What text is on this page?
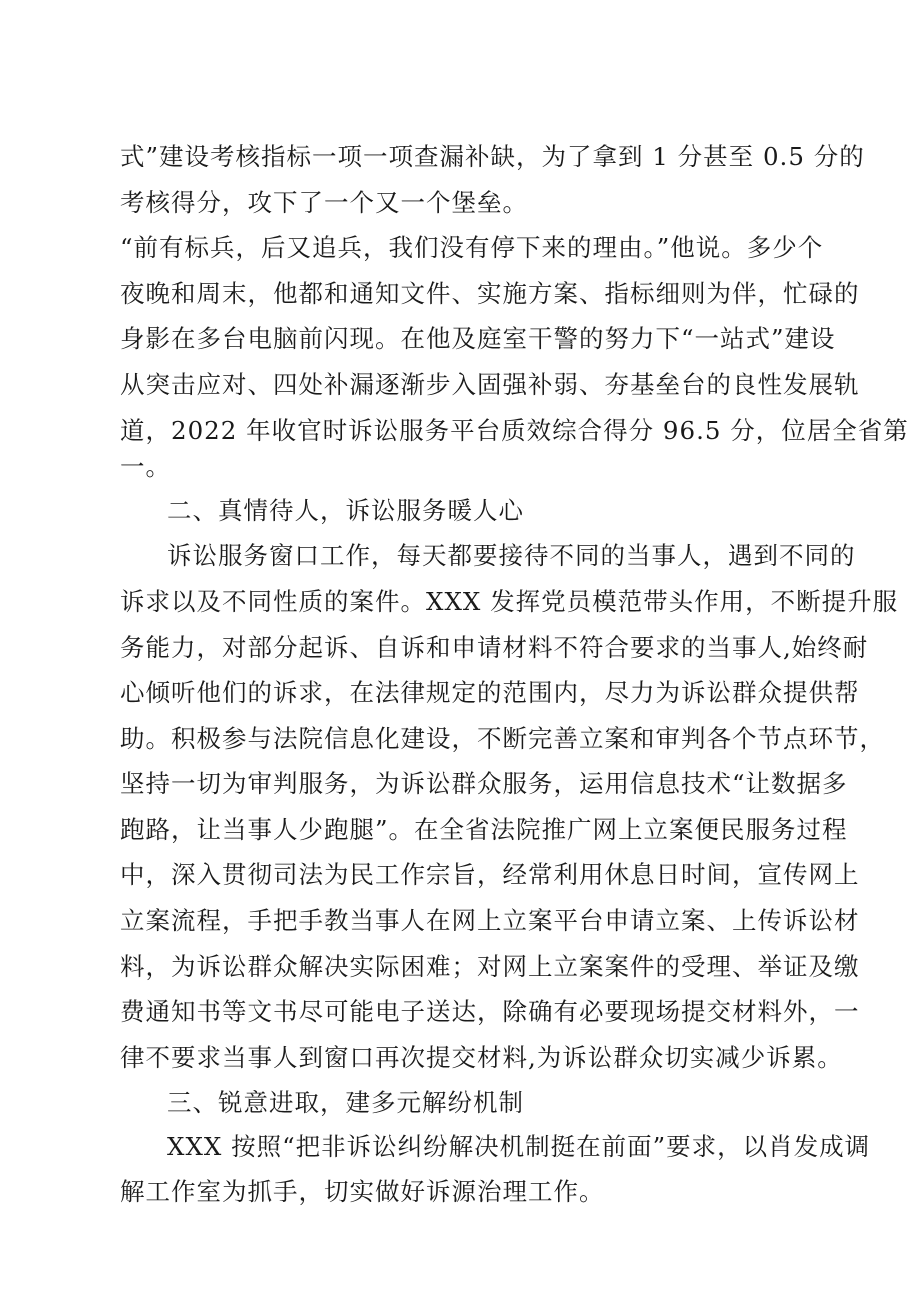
式”建设考核指标一项一项查漏补缺，为了拿到 1 分甚至 0.5 分的
考核得分，攻下了一个又一个堡垒。
“前有标兵，后又追兵，我们没有停下来的理由。”他说。多少个
夜晚和周末，他都和通知文件、实施方案、指标细则为伴，忙碌的
身影在多台电脑前闪现。在他及庭室干警的努力下“一站式”建设
从突击应对、四处补漏逐渐步入固强补弱、夯基垒台的良性发展轨
道，2022 年收官时诉讼服务平台质效综合得分 96.5 分，位居全省第
一。
二、真情待人，诉讼服务暖人心
诉讼服务窗口工作，每天都要接待不同的当事人，遇到不同的
诉求以及不同性质的案件。XXX 发挥党员模范带头作用，不断提升服
务能力，对部分起诉、自诉和申请材料不符合要求的当事人,始终耐
心倾听他们的诉求，在法律规定的范围内，尽力为诉讼群众提供帮
助。积极参与法院信息化建设，不断完善立案和审判各个节点环节，
坚持一切为审判服务，为诉讼群众服务，运用信息技术“让数据多
跑路，让当事人少跑腿”。在全省法院推广网上立案便民服务过程
中，深入贯彻司法为民工作宗旨，经常利用休息日时间，宣传网上
立案流程，手把手教当事人在网上立案平台申请立案、上传诉讼材
料，为诉讼群众解决实际困难；对网上立案案件的受理、举证及缴
费通知书等文书尽可能电子送达，除确有必要现场提交材料外，一
律不要求当事人到窗口再次提交材料,为诉讼群众切实减少诉累。
三、锐意进取，建多元解纷机制
XXX 按照“把非诉讼纠纷解决机制挺在前面”要求，以肖发成调
解工作室为抓手，切实做好诉源治理工作。
